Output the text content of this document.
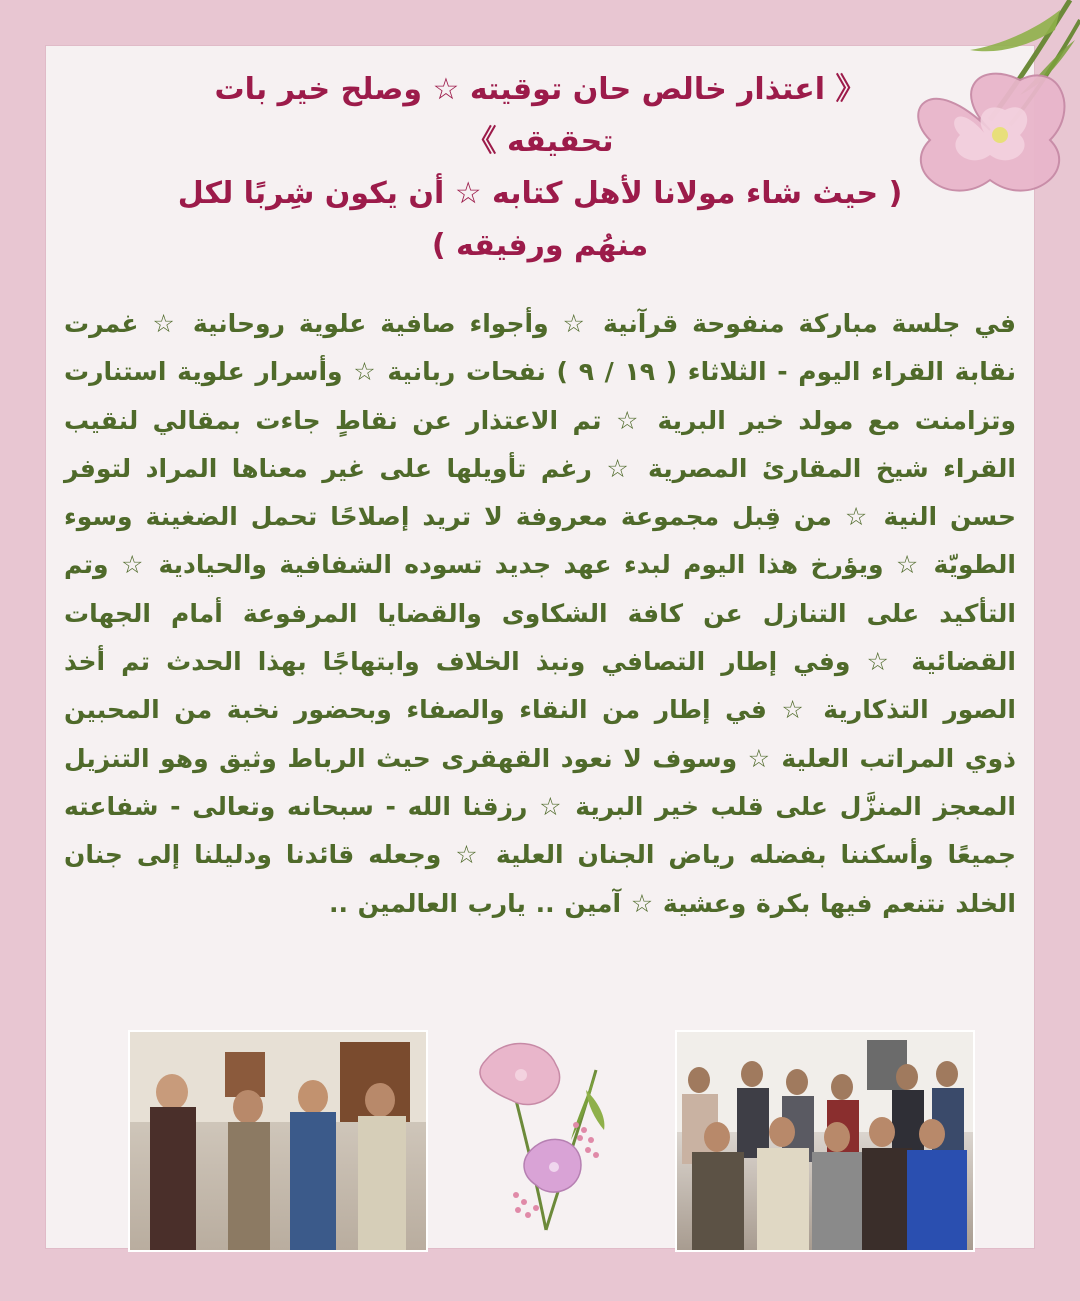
《 اعتذار خالص حان توقيته ☆ وصلح خير بات تحقيقه 》
( حيث شاء مولانا لأهل كتابه ☆ أن يكون شِربًا لكل منهُم ورفيقه )
في جلسة مباركة منفوحة قرآنية ☆ وأجواء صافية علوية روحانية ☆ غمرت نقابة القراء اليوم - الثلاثاء ( ١٩ / ٩ ) نفحات ربانية ☆ وأسرار علوية استنارت وتزامنت مع مولد خير البرية ☆ تم الاعتذار عن نقاطٍ جاءت بمقالي لنقيب القراء شيخ المقارئ المصرية ☆ رغم تأويلها على غير معناها المراد لتوفر حسن النية ☆ من قِبل مجموعة معروفة لا تريد إصلاحًا تحمل الضغينة وسوء الطويّة ☆ ويؤرخ هذا اليوم لبدء عهد جديد تسوده الشفافية والحيادية ☆ وتم التأكيد على التنازل عن كافة الشكاوى والقضايا المرفوعة أمام الجهات القضائية ☆ وفي إطار التصافي ونبذ الخلاف وابتهاجًا بهذا الحدث تم أخذ الصور التذكارية ☆ في إطار من النقاء والصفاء وبحضور نخبة من المحبين ذوي المراتب العلية ☆ وسوف لا نعود القهقرى حيث الرباط وثيق وهو التنزيل المعجز المنزَّل على قلب خير البرية ☆ رزقنا الله - سبحانه وتعالى - شفاعته جميعًا وأسكننا بفضله رياض الجنان العلية ☆ وجعله قائدنا ودليلنا إلى جنان الخلد نتنعم فيها بكرة وعشية ☆ آمين .. يارب العالمين ..
